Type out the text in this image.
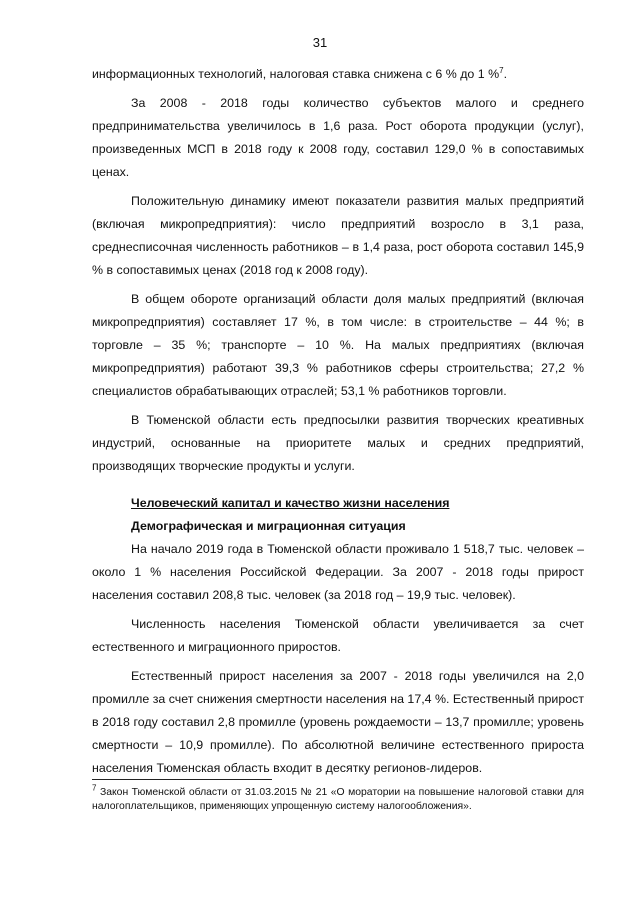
31

информационных технологий, налоговая ставка снижена с 6 % до 1 %$^7$.

За 2008 - 2018 годы количество субъектов малого и среднего предпринимательства увеличилось в 1,6 раза. Рост оборота продукции (услуг), произведенных МСП в 2018 году к 2008 году, составил 129,0 % в сопоставимых ценах.

Положительную динамику имеют показатели развития малых предприятий (включая микропредприятия): число предприятий возросло в 3,1 раза, среднесписочная численность работников – в 1,4 раза, рост оборота составил 145,9 % в сопоставимых ценах (2018 год к 2008 году).

В общем обороте организаций области доля малых предприятий (включая микропредприятия) составляет 17 %, в том числе: в строительстве – 44 %; в торговле – 35 %; транспорте – 10 %. На малых предприятиях (включая микропредприятия) работают 39,3 % работников сферы строительства; 27,2 % специалистов обрабатывающих отраслей; 53,1 % работников торговли.

В Тюменской области есть предпосылки развития творческих креативных индустрий, основанные на приоритете малых и средних предприятий, производящих творческие продукты и услуги.

Человеческий капитал и качество жизни населения

Демографическая и миграционная ситуация

На начало 2019 года в Тюменской области проживало 1 518,7 тыс. человек – около 1 % населения Российской Федерации. За 2007 - 2018 годы прирост населения составил 208,8 тыс. человек (за 2018 год – 19,9 тыс. человек).

Численность населения Тюменской области увеличивается за счет естественного и миграционного приростов.

Естественный прирост населения за 2007 - 2018 годы увеличился на 2,0 промилле за счет снижения смертности населения на 17,4 %. Естественный прирост в 2018 году составил 2,8 промилле (уровень рождаемости – 13,7 промилле; уровень смертности – 10,9 промилле). По абсолютной величине естественного прироста населения Тюменская область входит в десятку регионов-лидеров.

$^7$ Закон Тюменской области от 31.03.2015 № 21 «О моратории на повышение налоговой ставки для налогоплательщиков, применяющих упрощенную систему налогообложения».
